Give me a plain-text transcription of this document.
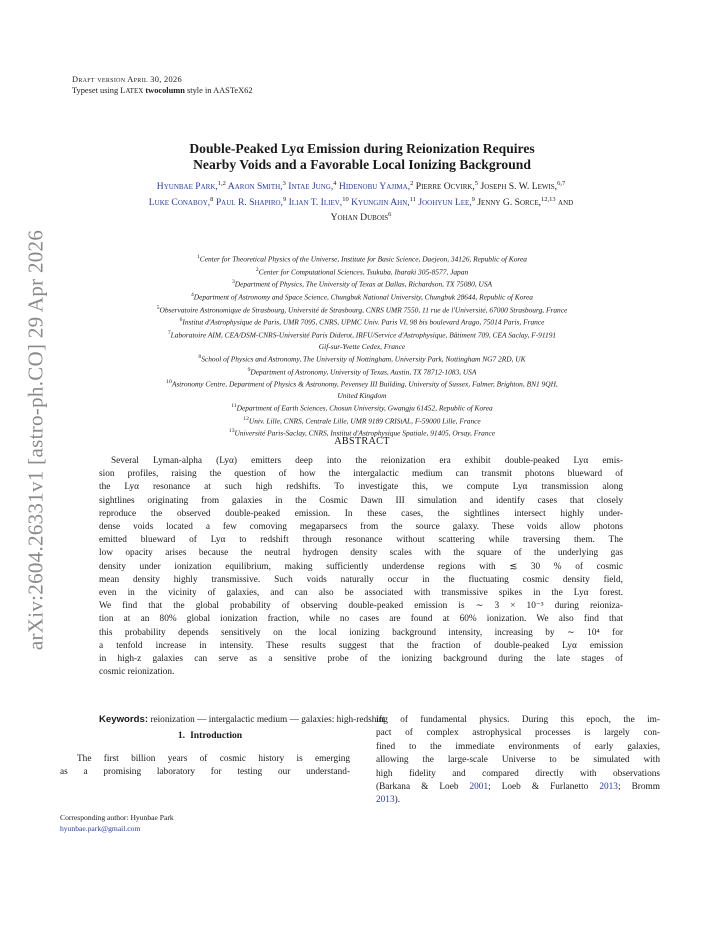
arXiv:2604.26331v1 [astro-ph.CO] 29 Apr 2026
Draft version April 30, 2026
Typeset using LATEX twocolumn style in AASTeX62
Double-Peaked Lyα Emission during Reionization Requires
Nearby Voids and a Favorable Local Ionizing Background
Hyunbae Park,$^{1,2}$ Aaron Smith,$^3$ Intae Jung,$^4$ Hidenobu Yajima,$^2$ Pierre Ocvirk,$^5$ Joseph S. W. Lewis,$^{6,7}$
Luke Conaboy,$^8$ Paul R. Shapiro,$^9$ Ilian T. Iliev,$^{10}$ Kyungjin Ahn,$^{11}$ Joohyun Lee,$^9$ Jenny G. Sorce,$^{12,13}$ and
Yohan Dubois$^6$
$^1$Center for Theoretical Physics of the Universe, Institute for Basic Science, Daejeon, 34126, Republic of Korea
$^2$Center for Computational Sciences, Tsukuba, Ibaraki 305-8577, Japan
$^3$Department of Physics, The University of Texas at Dallas, Richardson, TX 75080, USA
$^4$Department of Astronomy and Space Science, Chungbuk National University, Chungbuk 28644, Republic of Korea
$^5$Observatoire Astronomique de Strasbourg, Université de Strasbourg, CNRS UMR 7550, 11 rue de l'Université, 67000 Strasbourg, France
$^6$Institut d'Astrophysique de Paris, UMR 7095, CNRS, UPMC Univ. Paris VI, 98 bis boulevard Arago, 75014 Paris, France
$^7$Laboratoire AIM, CEA/DSM-CNRS-Université Paris Diderot, IRFU/Service d'Astrophysique, Bâtiment 709, CEA Saclay, F-91191
Gif-sur-Yvette Cedex, France
$^8$School of Physics and Astronomy, The University of Nottingham, University Park, Nottingham NG7 2RD, UK
$^9$Department of Astronomy, University of Texas, Austin, TX 78712-1083, USA
$^{10}$Astronomy Centre, Department of Physics & Astronomy, Pevensey III Building, University of Sussex, Falmer, Brighton, BN1 9QH,
United Kingdom
$^{11}$Department of Earth Sciences, Chosun University, Gwangju 61452, Republic of Korea
$^{12}$Univ. Lille, CNRS, Centrale Lille, UMR 9189 CRIStAL, F-59000 Lille, France
$^{13}$Université Paris-Saclay, CNRS, Institut d'Astrophysique Spatiale, 91405, Orsay, France
ABSTRACT
Several Lyman-alpha (Lyα) emitters deep into the reionization era exhibit double-peaked Lyα emis-
sion profiles, raising the question of how the intergalactic medium can transmit photons blueward of
the Lyα resonance at such high redshifts. To investigate this, we compute Lyα transmission along
sightlines originating from galaxies in the Cosmic Dawn III simulation and identify cases that closely
reproduce the observed double-peaked emission. In these cases, the sightlines intersect highly under-
dense voids located a few comoving megaparsecs from the source galaxy. These voids allow photons
emitted blueward of Lyα to redshift through resonance without scattering while traversing them. The
low opacity arises because the neutral hydrogen density scales with the square of the underlying gas
density under ionization equilibrium, making sufficiently underdense regions with ≲ 30 % of cosmic
mean density highly transmissive. Such voids naturally occur in the fluctuating cosmic density field,
even in the vicinity of galaxies, and can also be associated with transmissive spikes in the Lyα forest.
We find that the global probability of observing double-peaked emission is ∼ 3 × 10⁻³ during reioniza-
tion at an 80% global ionization fraction, while no cases are found at 60% ionization. We also find that
this probability depends sensitively on the local ionizing background intensity, increasing by ∼ 10⁴ for
a tenfold increase in intensity. These results suggest that the fraction of double-peaked Lyα emission
in high-z galaxies can serve as a sensitive probe of the ionizing background during the late stages of
cosmic reionization.
Keywords: reionization — intergalactic medium — galaxies: high-redshift
1. Introduction
The first billion years of cosmic history is emerging
as a promising laboratory for testing our understand-
ing of fundamental physics. During this epoch, the im-
pact of complex astrophysical processes is largely con-
fined to the immediate environments of early galaxies,
allowing the large-scale Universe to be simulated with
high fidelity and compared directly with observations
(Barkana & Loeb 2001; Loeb & Furlanetto 2013; Bromm
2013).
Corresponding author: Hyunbae Park
hyunbae.park@gmail.com
